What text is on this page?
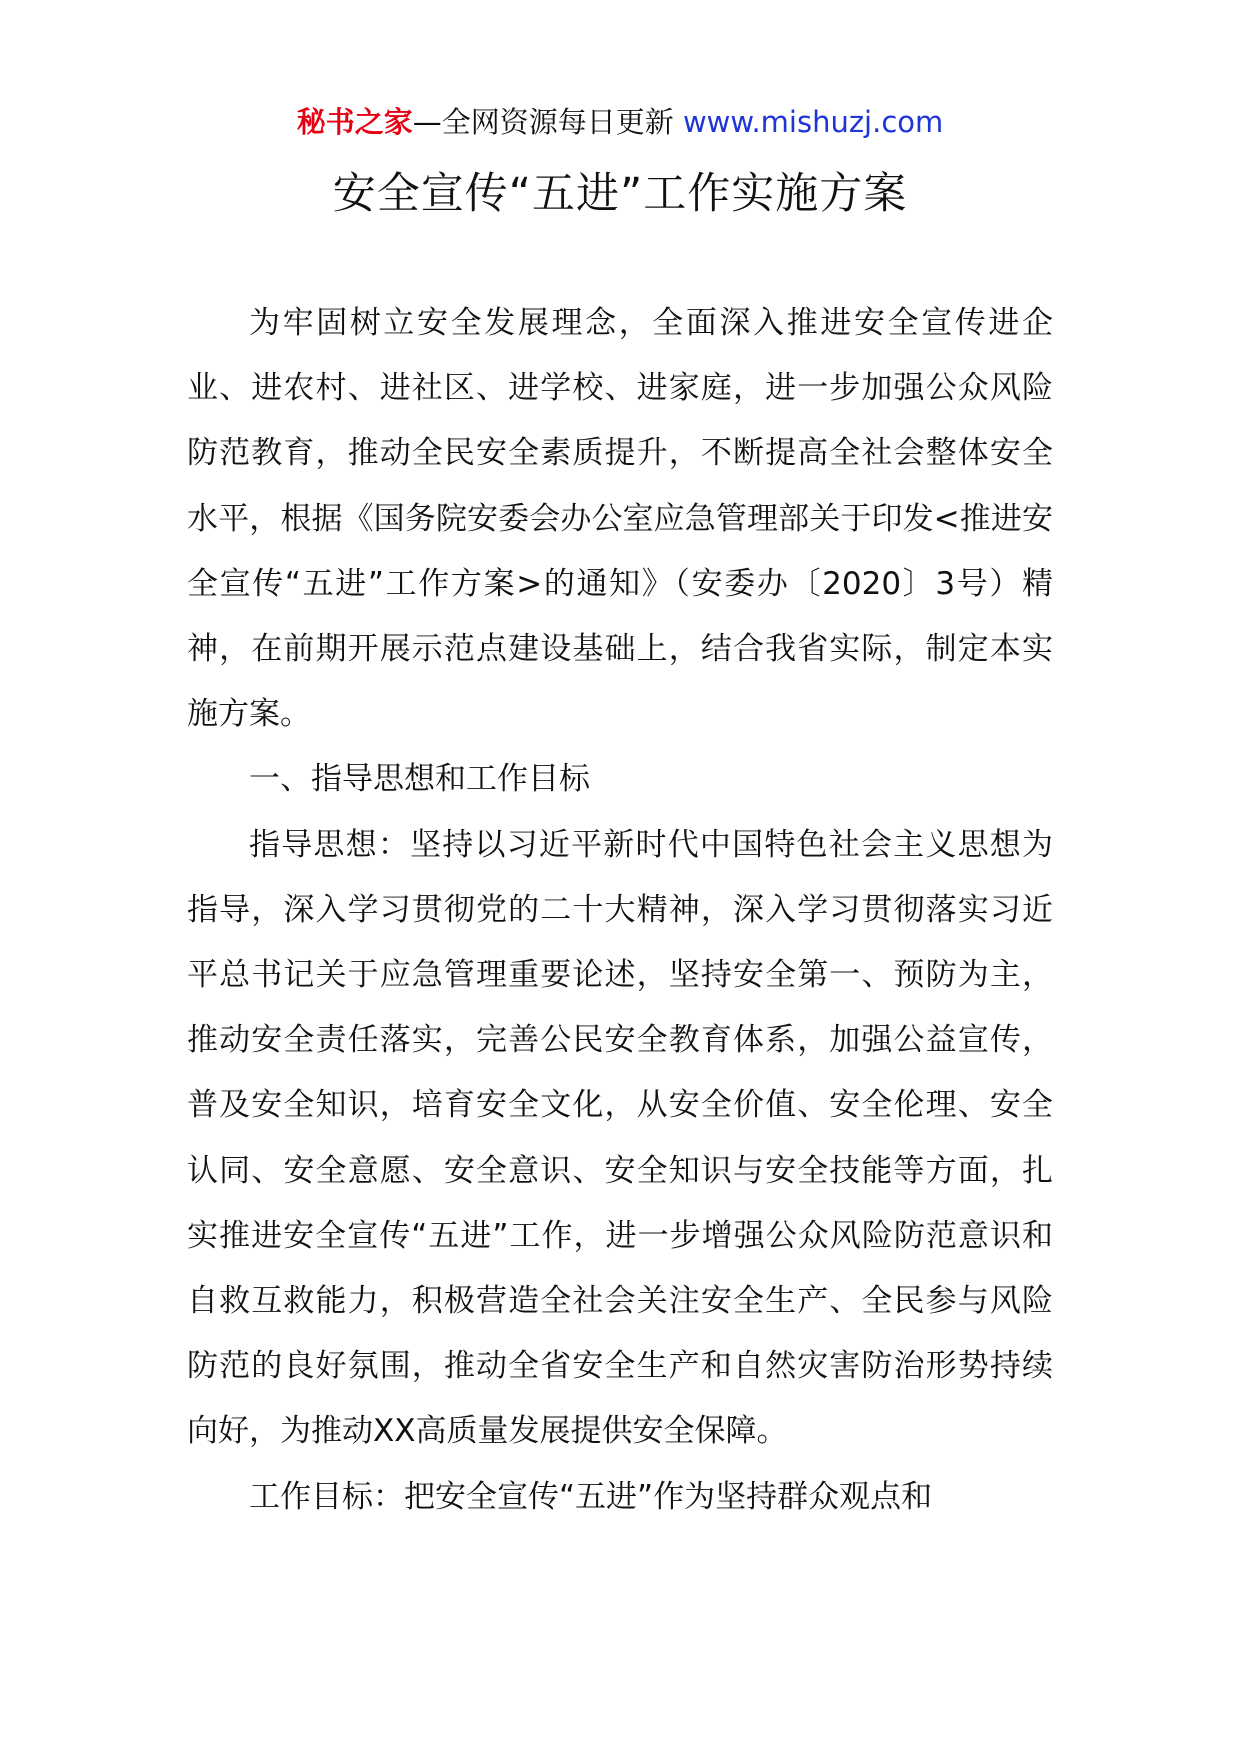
秘书之家—全网资源每日更新 www.mishuzj.com
安全宣传“五进”工作实施方案

为牢固树立安全发展理念，全面深入推进安全宣传进企业、进农村、进社区、进学校、进家庭，进一步加强公众风险防范教育，推动全民安全素质提升，不断提高全社会整体安全水平，根据《国务院安委会办公室应急管理部关于印发<推进安全宣传“五进”工作方案>的通知》（安委办〔2020〕3号）精神，在前期开展示范点建设基础上，结合我省实际，制定本实施方案。

一、指导思想和工作目标

指导思想：坚持以习近平新时代中国特色社会主义思想为指导，深入学习贯彻党的二十大精神，深入学习贯彻落实习近平总书记关于应急管理重要论述，坚持安全第一、预防为主，推动安全责任落实，完善公民安全教育体系，加强公益宣传，普及安全知识，培育安全文化，从安全价值、安全伦理、安全认同、安全意愿、安全意识、安全知识与安全技能等方面，扎实推进安全宣传“五进”工作，进一步增强公众风险防范意识和自救互救能力，积极营造全社会关注安全生产、全民参与风险防范的良好氛围，推动全省安全生产和自然灾害防治形势持续向好，为推动XX高质量发展提供安全保障。

工作目标：把安全宣传“五进”作为坚持群众观点和
